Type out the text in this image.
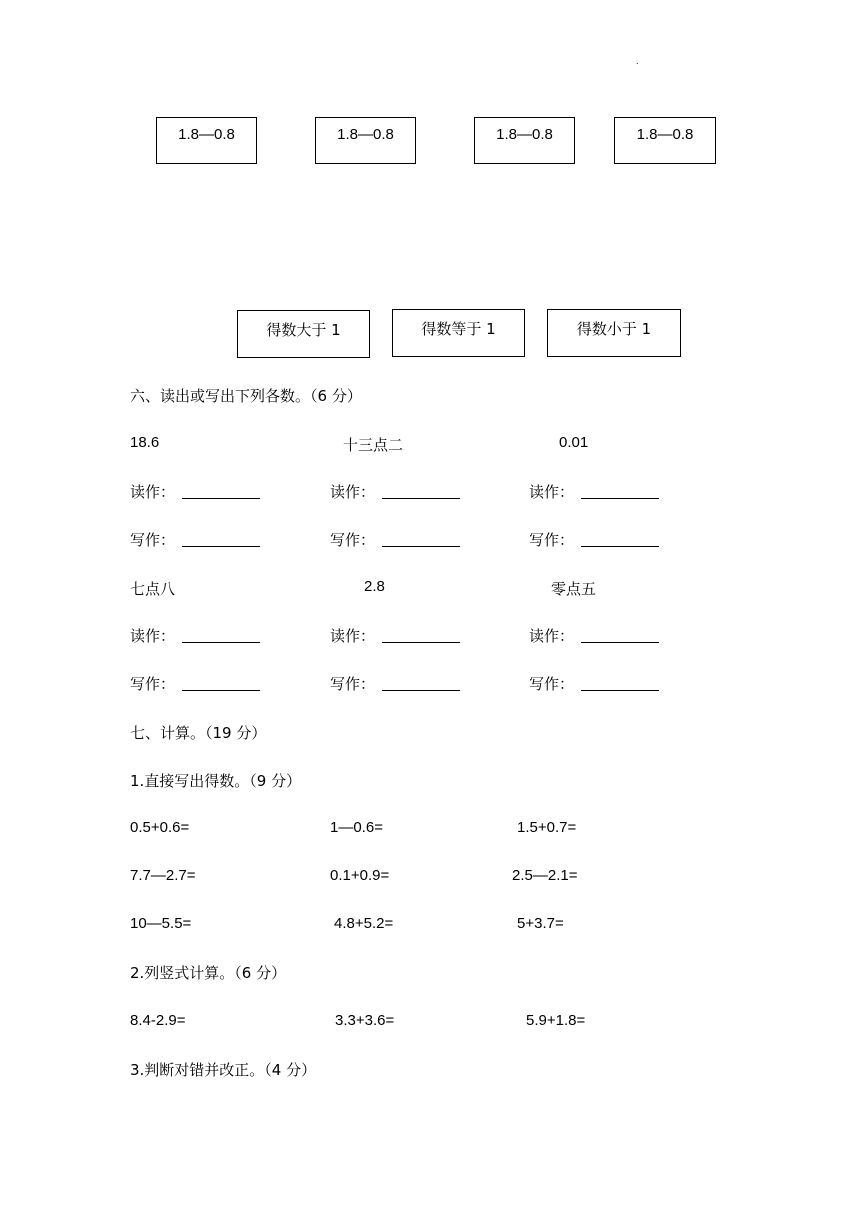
.
1.8—0.8	1.8—0.8	1.8—0.8	1.8—0.8
得数大于 1	得数等于 1	得数小于 1
六、读出或写出下列各数。（6 分）
18.6	十三点二	0.01
读作：	读作：	读作：
写作：	写作：	写作：
七点八	2.8	零点五
读作：	读作：	读作：
写作：	写作：	写作：
七、计算。（19 分）
1.直接写出得数。（9 分）
0.5+0.6=	1—0.6=	1.5+0.7=
7.7—2.7=	0.1+0.9=	2.5—2.1=
10—5.5=	4.8+5.2=	5+3.7=
2.列竖式计算。（6 分）
8.4-2.9=	3.3+3.6=	5.9+1.8=
3.判断对错并改正。（4 分）
